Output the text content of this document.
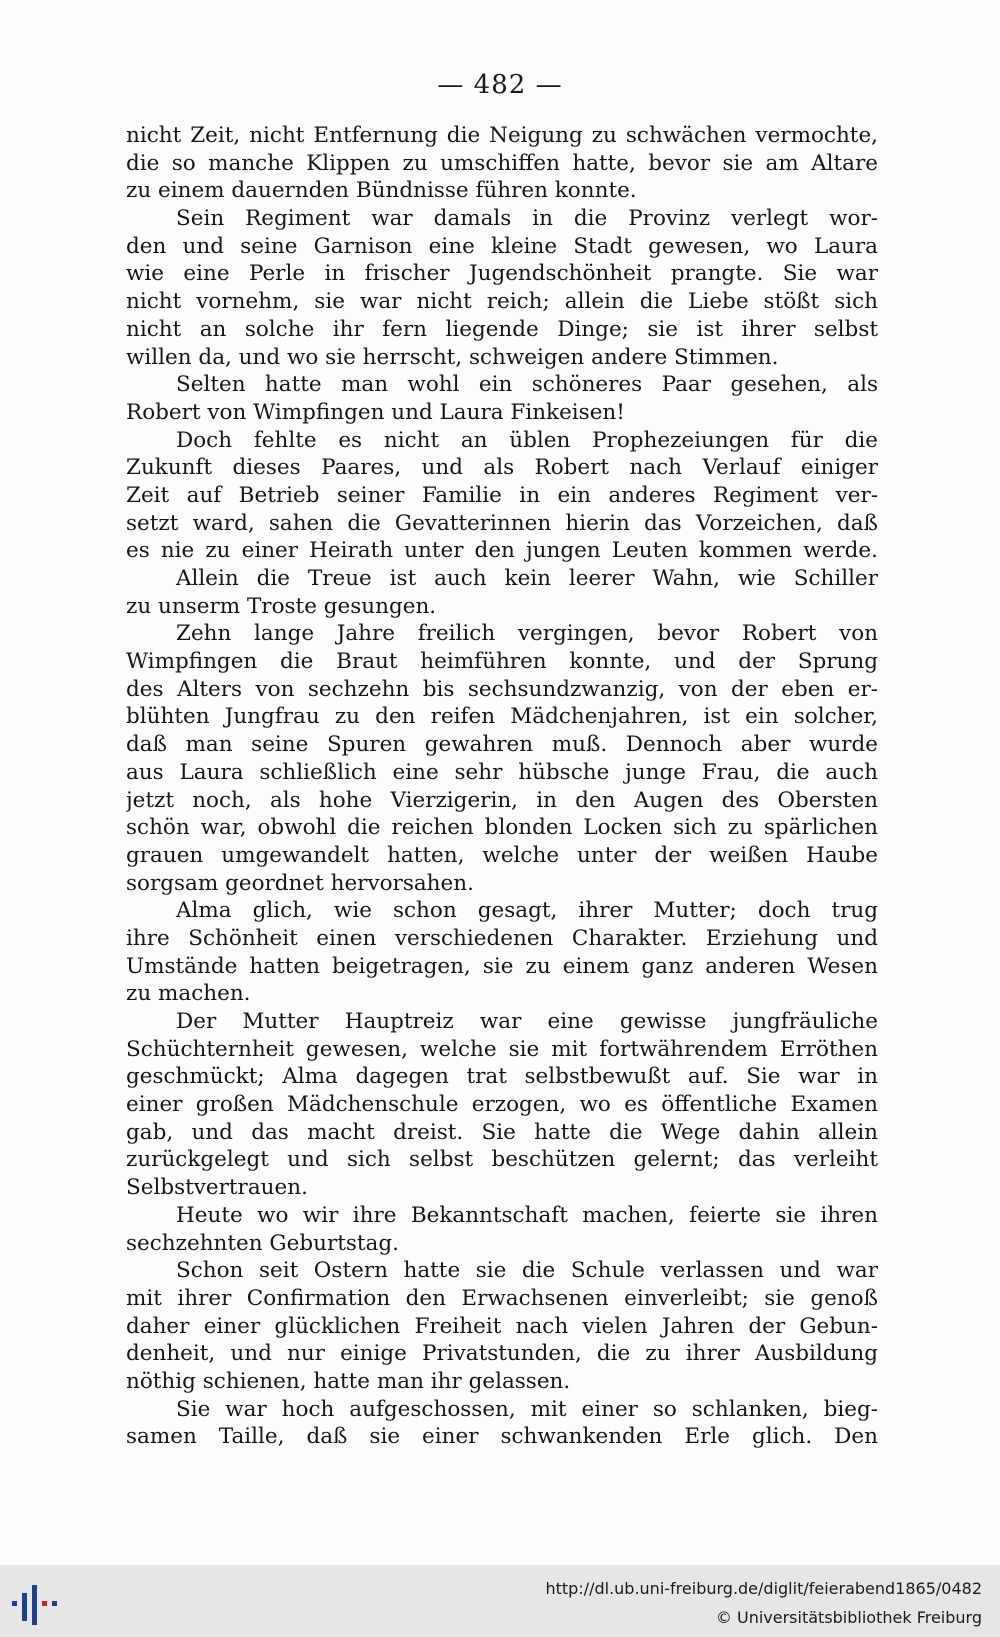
— 482 —
nicht Zeit, nicht Entfernung die Neigung zu schwächen vermochte,
die so manche Klippen zu umschiffen hatte, bevor sie am Altare
zu einem dauernden Bündnisse führen konnte.
Sein Regiment war damals in die Provinz verlegt wor-
den und seine Garnison eine kleine Stadt gewesen, wo Laura
wie eine Perle in frischer Jugendschönheit prangte. Sie war
nicht vornehm, sie war nicht reich; allein die Liebe stößt sich
nicht an solche ihr fern liegende Dinge; sie ist ihrer selbst
willen da, und wo sie herrscht, schweigen andere Stimmen.
Selten hatte man wohl ein schöneres Paar gesehen, als
Robert von Wimpfingen und Laura Finkeisen!
Doch fehlte es nicht an üblen Prophezeiungen für die
Zukunft dieses Paares, und als Robert nach Verlauf einiger
Zeit auf Betrieb seiner Familie in ein anderes Regiment ver-
setzt ward, sahen die Gevatterinnen hierin das Vorzeichen, daß
es nie zu einer Heirath unter den jungen Leuten kommen werde.
Allein die Treue ist auch kein leerer Wahn, wie Schiller
zu unserm Troste gesungen.
Zehn lange Jahre freilich vergingen, bevor Robert von
Wimpfingen die Braut heimführen konnte, und der Sprung
des Alters von sechzehn bis sechsundzwanzig, von der eben er-
blühten Jungfrau zu den reifen Mädchenjahren, ist ein solcher,
daß man seine Spuren gewahren muß. Dennoch aber wurde
aus Laura schließlich eine sehr hübsche junge Frau, die auch
jetzt noch, als hohe Vierzigerin, in den Augen des Obersten
schön war, obwohl die reichen blonden Locken sich zu spärlichen
grauen umgewandelt hatten, welche unter der weißen Haube
sorgsam geordnet hervorsahen.
Alma glich, wie schon gesagt, ihrer Mutter; doch trug
ihre Schönheit einen verschiedenen Charakter. Erziehung und
Umstände hatten beigetragen, sie zu einem ganz anderen Wesen
zu machen.
Der Mutter Hauptreiz war eine gewisse jungfräuliche
Schüchternheit gewesen, welche sie mit fortwährendem Erröthen
geschmückt; Alma dagegen trat selbstbewußt auf. Sie war in
einer großen Mädchenschule erzogen, wo es öffentliche Examen
gab, und das macht dreist. Sie hatte die Wege dahin allein
zurückgelegt und sich selbst beschützen gelernt; das verleiht
Selbstvertrauen.
Heute wo wir ihre Bekanntschaft machen, feierte sie ihren
sechzehnten Geburtstag.
Schon seit Ostern hatte sie die Schule verlassen und war
mit ihrer Confirmation den Erwachsenen einverleibt; sie genoß
daher einer glücklichen Freiheit nach vielen Jahren der Gebun-
denheit, und nur einige Privatstunden, die zu ihrer Ausbildung
nöthig schienen, hatte man ihr gelassen.
Sie war hoch aufgeschossen, mit einer so schlanken, bieg-
samen Taille, daß sie einer schwankenden Erle glich. Den
http://dl.ub.uni-freiburg.de/diglit/feierabend1865/0482
© Universitätsbibliothek Freiburg
